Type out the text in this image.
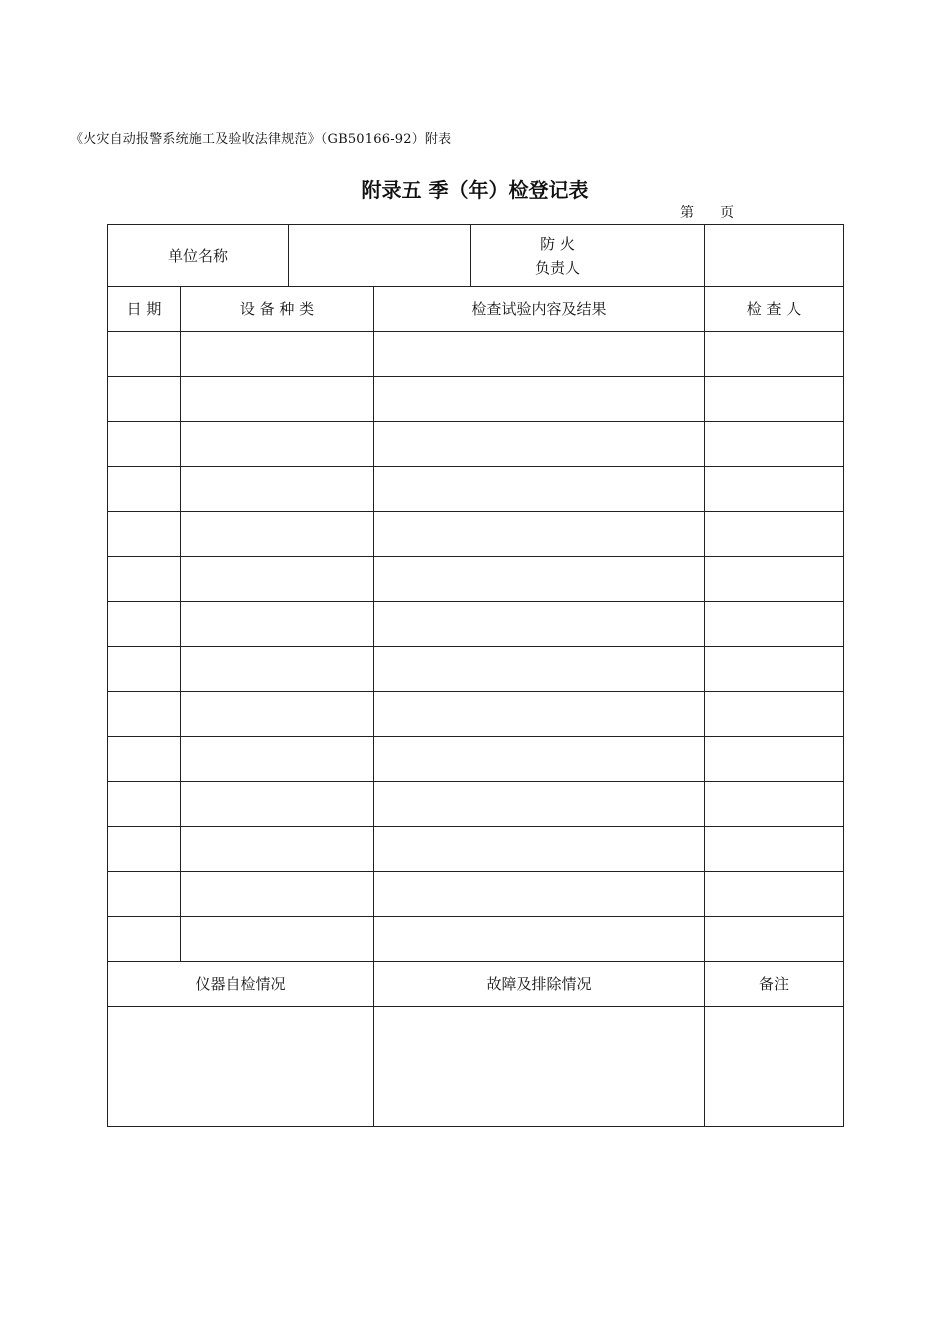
《火灾自动报警系统施工及验收法律规范》（GB50166-92）附表
附录五 季（年）检登记表
第 页
单位名称				防 火
负责人	

日 期	设 备 种 类		检查试验内容及结果		检 查 人

仪器自检情况			故障及排除情况		备注
